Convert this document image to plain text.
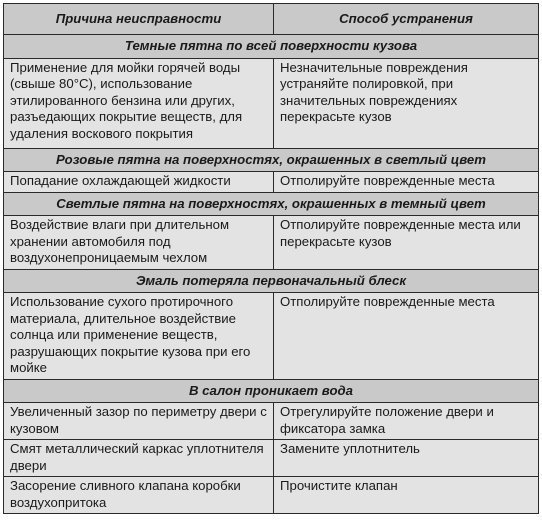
Причина неисправности	Способ устранения
Темные пятна по всей поверхности кузова	
Применение для мойки горячей воды (свыше 80°С), использование этилированного бензина или других, разъедающих покрытие веществ, для удаления воскового покрытия	Незначительные повреждения устраняйте полировкой, при значительных повреждениях перекрасьте кузов
Розовые пятна на поверхностях, окрашенных в светлый цвет	
Попадание охлаждающей жидкости	Отполируйте поврежденные места
Светлые пятна на поверхностях, окрашенных в темный цвет	
Воздействие влаги при длительном хранении автомобиля под воздухонепроницаемым чехлом	Отполируйте поврежденные места или перекрасьте кузов
Эмаль потеряла первоначальный блеск	
Использование сухого протирочного материала, длительное воздействие солнца или применение веществ, разрушающих покрытие кузова при его мойке	Отполируйте поврежденные места
В салон проникает вода	
Увеличенный зазор по периметру двери с кузовом	Отрегулируйте положение двери и фиксатора замка
Смят металлический каркас уплотнителя двери	Замените уплотнитель
Засорение сливного клапана коробки воздухопритока	Прочистите клапан
